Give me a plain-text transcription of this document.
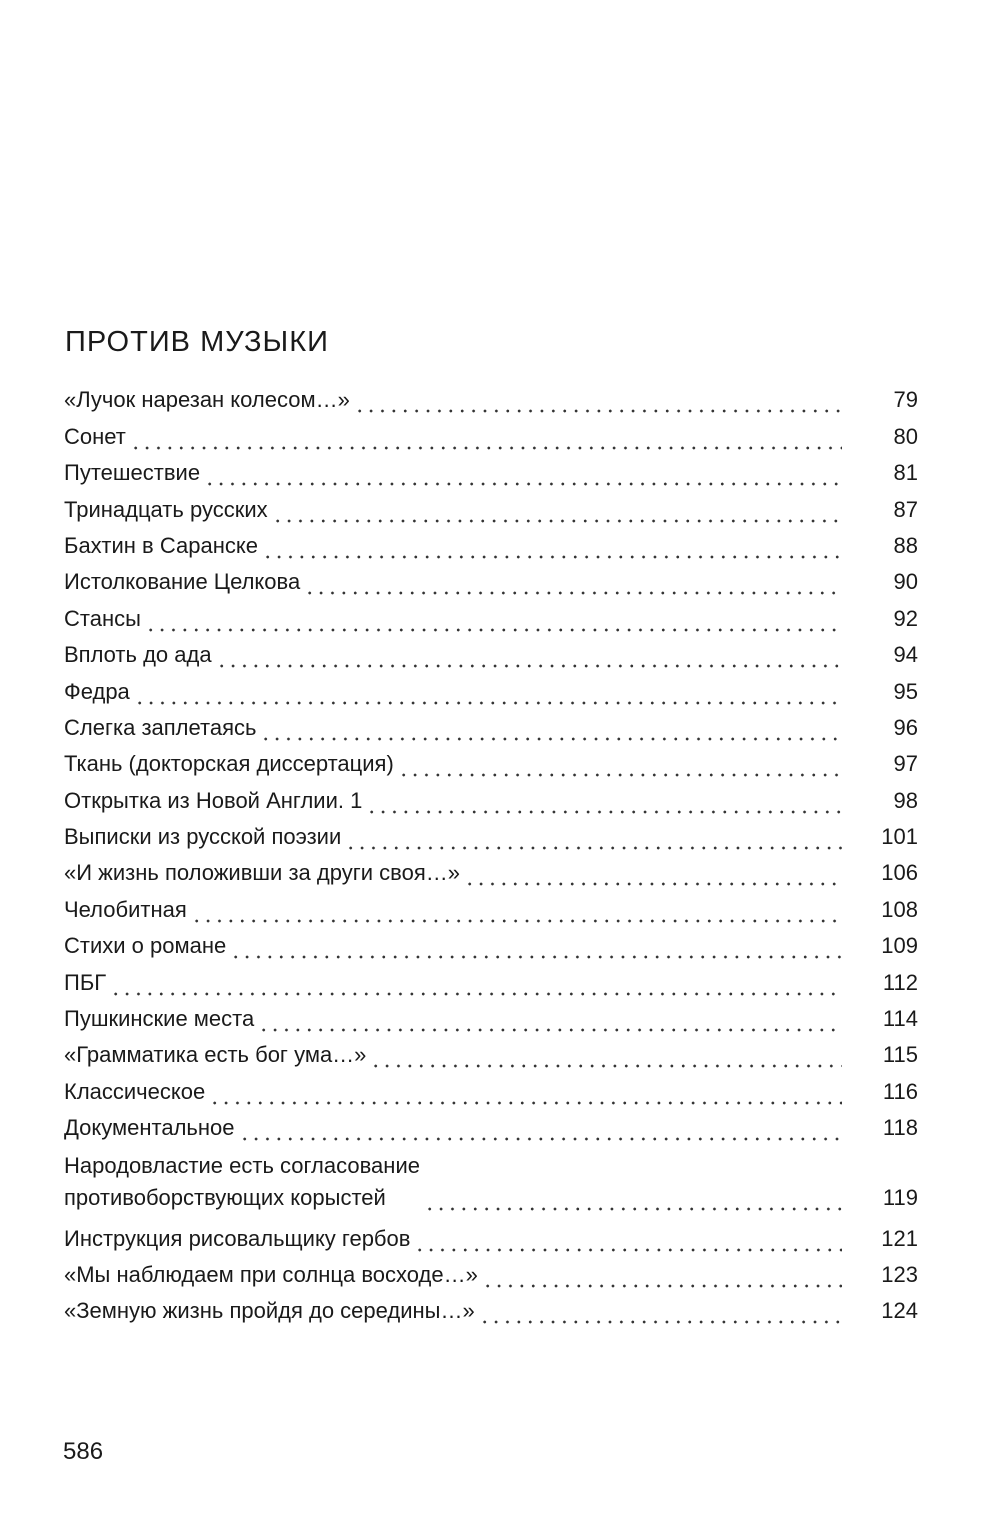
ПРОТИВ МУЗЫКИ
«Лучок нарезан колесом…»	79
Сонет	80
Путешествие	81
Тринадцать русских	87
Бахтин в Саранске	88
Истолкование Целкова	90
Стансы	92
Вплоть до ада	94
Федра	95
Слегка заплетаясь	96
Ткань (докторская диссертация)	97
Открытка из Новой Англии. 1	98
Выписки из русской поэзии	101
«И жизнь положивши за други своя…»	106
Челобитная	108
Стихи о романе	109
ПБГ	112
Пушкинские места	114
«Грамматика есть бог ума…»	115
Классическое	116
Документальное	118
Народовластие есть согласование
противоборствующих корыстей	119
Инструкция рисовальщику гербов	121
«Мы наблюдаем при солнца восходе…»	123
«Земную жизнь пройдя до середины…»	124

586
